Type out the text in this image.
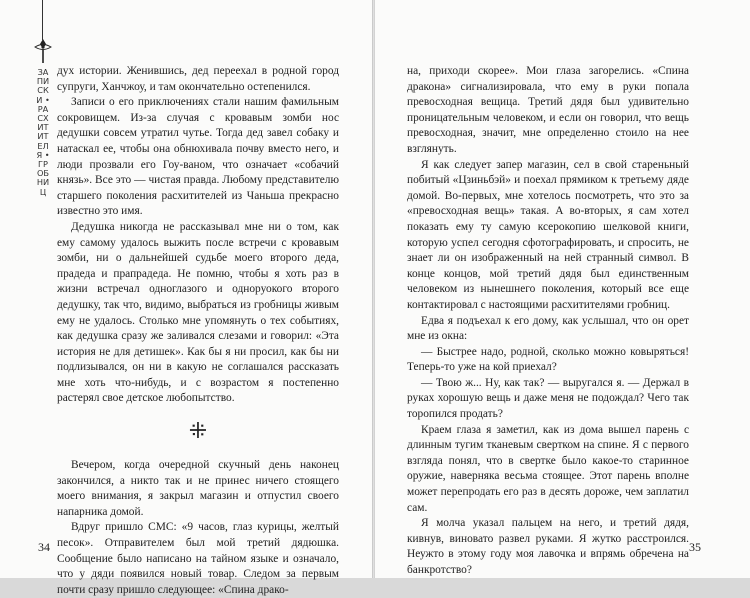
ЗАПИСКИ • РАСХИТИТЕЛЯ • ГРОБНИЦ

дух истории. Женившись, дед переехал в родной город супруги, Ханчжоу, и там окончательно остепенился.

Записи о его приключениях стали нашим фамильным сокровищем. Из-за случая с кровавым зомби нос дедушки совсем утратил чутье. Тогда дед завел собаку и натаскал ее, чтобы она обнюхивала почву вместо него, и люди прозвали его Гоу-ваном, что означает «собачий князь». Все это — чистая правда. Любому представителю старшего поколения расхитителей из Чаньша прекрасно известно это имя.

Дедушка никогда не рассказывал мне ни о том, как ему самому удалось выжить после встречи с кровавым зомби, ни о дальнейшей судьбе моего второго деда, прадеда и прапрадеда. Не помню, чтобы я хоть раз в жизни встречал одноглазого и одноруокого второго дедушку, так что, видимо, выбраться из гробницы живым ему не удалось. Столько мне упомянуть о тех событиях, как дедушка сразу же заливался слезами и говорил: «Эта история не для детишек». Как бы я ни просил, как бы ни подлизывался, он ни в какую не соглашался рассказать мне хоть что-нибудь, и с возрастом я постепенно растерял свое детское любопытство.

⁜

Вечером, когда очередной скучный день наконец закончился, а никто так и не принес ничего стоящего моего внимания, я закрыл магазин и отпустил своего напарника домой.

Вдруг пришло СМС: «9 часов, глаз курицы, желтый песок». Отправителем был мой третий дядюшка. Сообщение было написано на тайном языке и означало, что у дяди появился новый товар. Следом за первым почти сразу пришло следующее: «Спина драко-

34

на, приходи скорее». Мои глаза загорелись. «Спина дракона» сигнализировала, что ему в руки попала превосходная вещица. Третий дядя был удивительно проницательным человеком, и если он говорил, что вещь превосходная, значит, мне определенно стоило на нее взглянуть.

Я как следует запер магазин, сел в свой стареньный побитый «Цзиньбэй» и поехал прямиком к третьему дяде домой. Во-первых, мне хотелось посмотреть, что это за «превосходная вещь» такая. А во-вторых, я сам хотел показать ему ту самую ксерокопию шелковой книги, которую успел сегодня сфотографировать, и спросить, не знает ли он изображенный на ней странный символ. В конце концов, мой третий дядя был единственным человеком из нынешнего поколения, который все еще контактировал с настоящими расхитителями гробниц.

Едва я подъехал к его дому, как услышал, что он орет мне из окна:

— Быстрее надо, родной, сколько можно ковыряться! Теперь-то уже на кой приехал?

— Твою ж... Ну, как так? — выругался я. — Держал в руках хорошую вещь и даже меня не подождал? Чего так торопился продать?

Краем глаза я заметил, как из дома вышел парень с длинным тугим тканевым свертком на спине. Я с первого взгляда понял, что в свертке было какое-то старинное оружие, наверняка весьма стоящее. Этот парень вполне может перепродать его раз в десять дороже, чем заплатил сам.

Я молча указал пальцем на него, и третий дядя, кивнув, виновато развел руками. Я жутко расстроился. Неужто в этому году моя лавочка и впрямь обречена на банкротство?

35
